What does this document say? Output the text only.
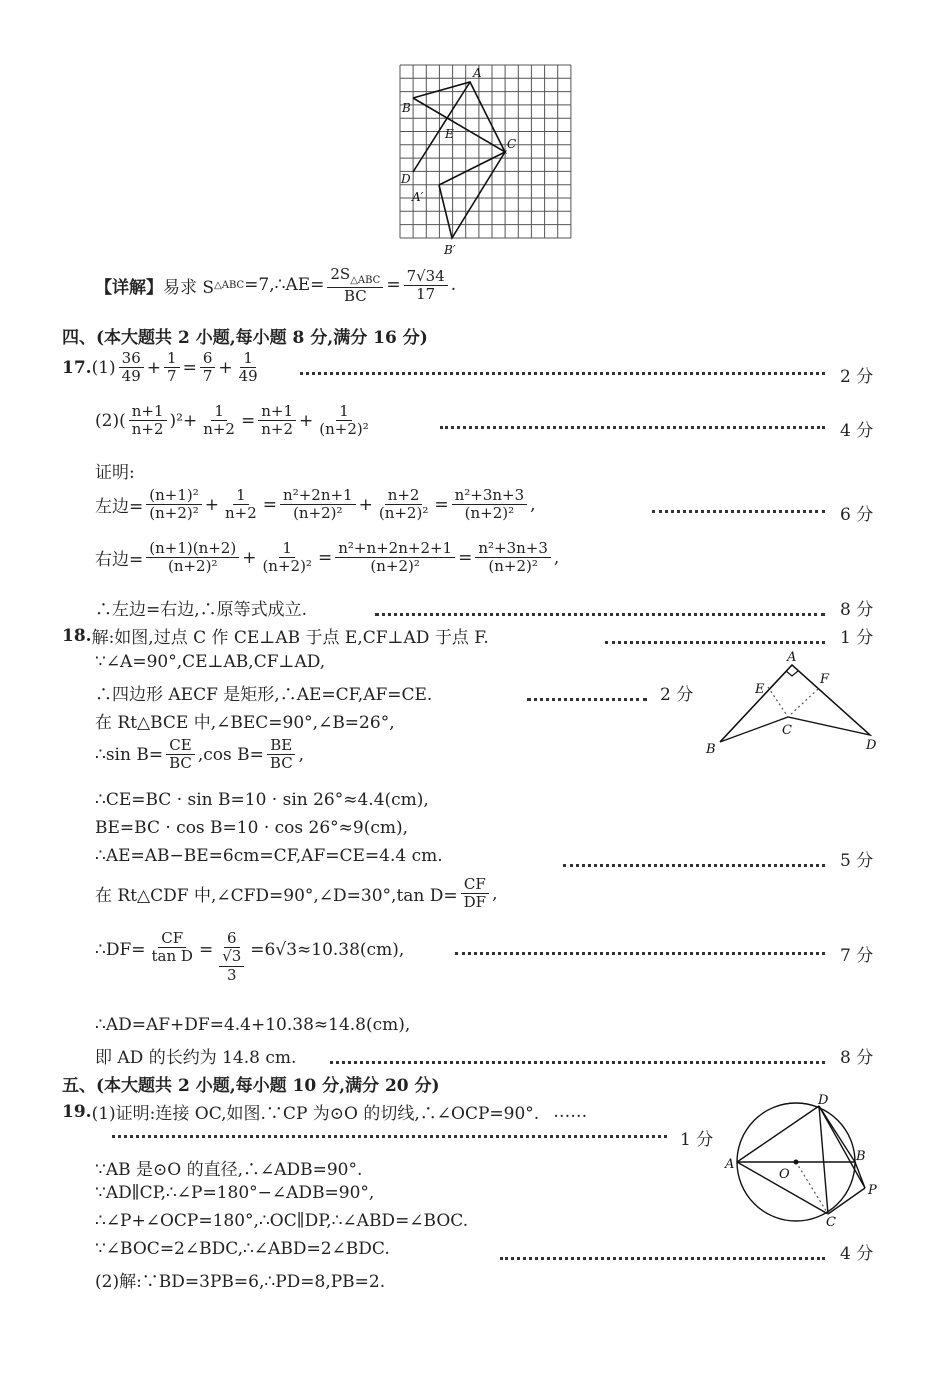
A
B
E
C
D
A′
B′
【详解】 易求 S △ABC =7,∴AE= $\frac{2S_{\triangle ABC}}{BC} = \frac{7√34}{17}$ .
四、(本大题共 2 小题,每小题 8 分,满分 16 分)
17. $(1) \frac{36}{49} + \frac{1}{7} = \frac{6}{7} + \frac{1}{49}$	2 分
$(2)( \frac{n+1}{n+2} )^2+ \frac{1}{n+2} = \frac{n+1}{n+2} + \frac{1}{\text{(n+2)²}}$	4 分
证明:
左边= $\frac{\text{(n+1)²}}{\text{(n+2)²}} + \frac{1}{n+2} = \frac{\text{n²+2n+1}}{\text{(n+2)²}} + \frac{n+2}{\text{(n+2)²}} = \frac{\text{n²+3n+3}}{\text{(n+2)²}}$ ,
6 分
右边= $\frac{(n+1)(n+2)}{\text{(n+2)²}} + \frac{1}{\text{(n+2)²}} = \frac{\text{n²+n+2n+2+1}}{\text{(n+2)²}} = \frac{\text{n²+3n+3}}{\text{(n+2)²}}$ ,
∴左边=右边,∴原等式成立.	8 分
18. 解:如图,过点 C 作 CE⊥AB 于点 E,CF⊥AD 于点 F.	1 分
∵∠A=90°,CE⊥AB,CF⊥AD,
∴四边形 AECF 是矩形,∴AE=CF,AF=CE.	2 分
在 Rt△BCE 中,∠BEC=90°,∠B=26°,
∴sin $B= \frac{CE}{BC} ,\cos$ $B= \frac{BE}{BC}$ ,
∴CE=BC · sin B=10 · sin 26°≈4.4(cm),
BE=BC · cos B=10 · cos 26°≈9(cm),
∴AE=AB−BE=6cm=CF,AF=CE=4.4 cm.	5 分
在 Rt△CDF 中,∠CFD=90°,∠D=30°,tan $D= \frac{CF}{DF}$ ,
∴DF= $\frac{CF}{\text{tan D}} = \frac{6}{\frac{√3}{3}} =6√3\approx 10.38(cm)$,	7 分
∴AD=AF+DF=4.4+10.38≈14.8(cm),
即 AD 的长约为 14.8 cm.	8 分
A
F
E
C
B	D
五、(本大题共 2 小题,每小题 10 分,满分 20 分)
19. (1)证明:连接 OC,如图.∵CP 为⊙O 的切线,∴∠OCP=90°. ……
1 分
∵AB 是⊙O 的直径,∴∠ADB=90°.
∵AD∥CP,∴∠P=180°−∠ADB=90°,
∴∠P+∠OCP=180°,∴OC∥DP,∴∠ABD=∠BOC.
∵∠BOC=2∠BDC,∴∠ABD=2∠BDC.	4 分
(2)解:∵BD=3PB=6,∴PD=8,PB=2.
D
A
O
B
P
C
